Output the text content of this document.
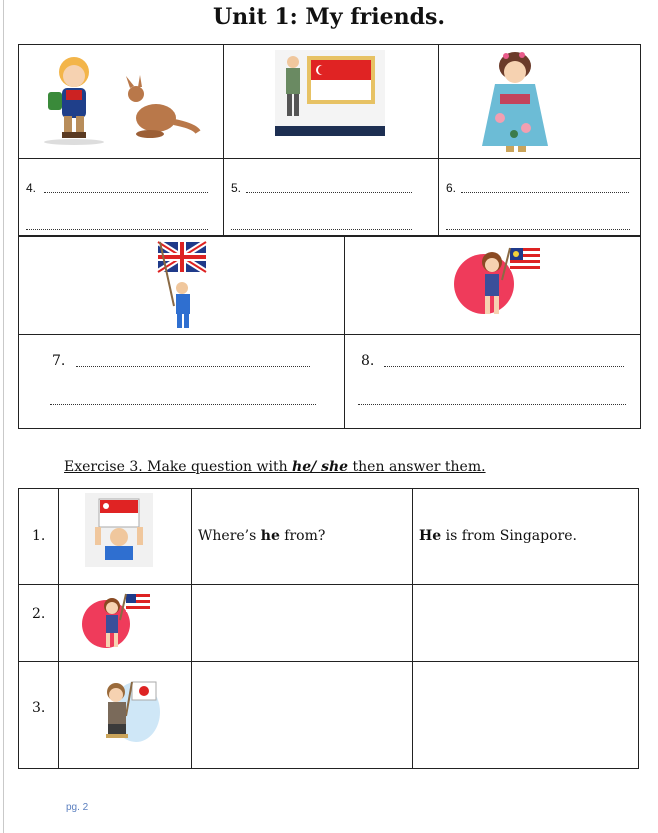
Unit 1: My friends.
4.	5.	6.
7.	8.
Exercise 3. Make question with he/ she then answer them.
1.	Where’s he from?	He is from Singapore.
2.
3.
pg. 2
